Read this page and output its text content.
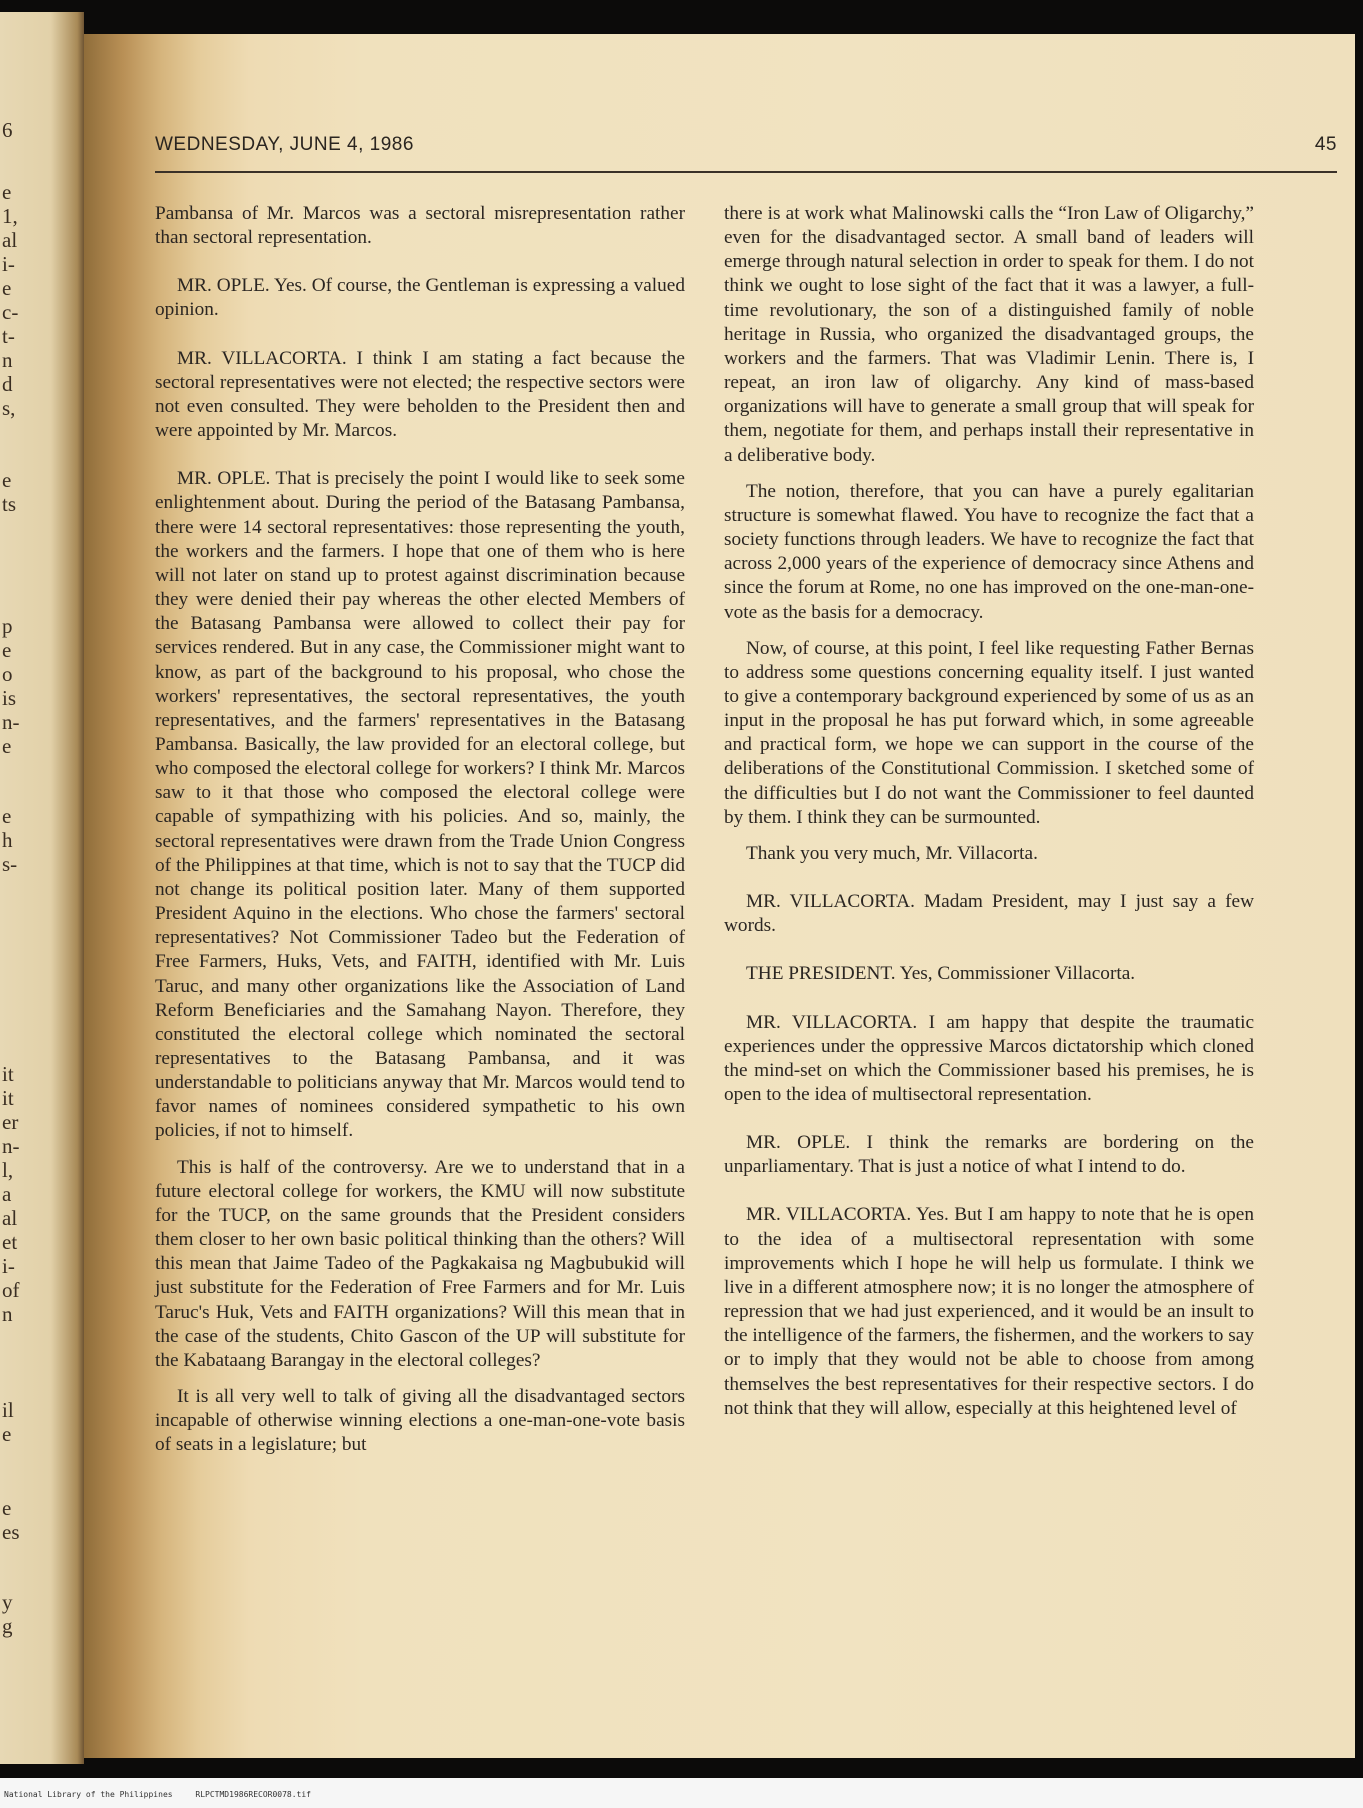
6
e
1,
al
i-
e
c-
t-
n
d
s,
e
ts
p
e
o
is
n-
e
e
h
s-
it
it
er
n-
l,
a
al
et
i-
of
n
il
e
e
es
y
g
WEDNESDAY, JUNE 4, 1986	45

Pambansa of Mr. Marcos was a sectoral misrepresentation rather than sectoral representation.

MR. OPLE. Yes. Of course, the Gentleman is expressing a valued opinion.

MR. VILLACORTA. I think I am stating a fact because the sectoral representatives were not elected; the respective sectors were not even consulted. They were beholden to the President then and were appointed by Mr. Marcos.

MR. OPLE. That is precisely the point I would like to seek some enlightenment about. During the period of the Batasang Pambansa, there were 14 sectoral representatives: those representing the youth, the workers and the farmers. I hope that one of them who is here will not later on stand up to protest against discrimination because they were denied their pay whereas the other elected Members of the Batasang Pambansa were allowed to collect their pay for services rendered. But in any case, the Commissioner might want to know, as part of the background to his proposal, who chose the workers' representatives, the sectoral representatives, the youth representatives, and the farmers' representatives in the Batasang Pambansa. Basically, the law provided for an electoral college, but who composed the electoral college for workers? I think Mr. Marcos saw to it that those who composed the electoral college were capable of sympathizing with his policies. And so, mainly, the sectoral representatives were drawn from the Trade Union Congress of the Philippines at that time, which is not to say that the TUCP did not change its political position later. Many of them supported President Aquino in the elections. Who chose the farmers' sectoral representatives? Not Commissioner Tadeo but the Federation of Free Farmers, Huks, Vets, and FAITH, identified with Mr. Luis Taruc, and many other organizations like the Association of Land Reform Beneficiaries and the Samahang Nayon. Therefore, they constituted the electoral college which nominated the sectoral representatives to the Batasang Pambansa, and it was understandable to politicians anyway that Mr. Marcos would tend to favor names of nominees considered sympathetic to his own policies, if not to himself.

This is half of the controversy. Are we to understand that in a future electoral college for workers, the KMU will now substitute for the TUCP, on the same grounds that the President considers them closer to her own basic political thinking than the others? Will this mean that Jaime Tadeo of the Pagkakaisa ng Magbubukid will just substitute for the Federation of Free Farmers and for Mr. Luis Taruc's Huk, Vets and FAITH organizations? Will this mean that in the case of the students, Chito Gascon of the UP will substitute for the Kabataang Barangay in the electoral colleges?

It is all very well to talk of giving all the disadvantaged sectors incapable of otherwise winning elections a one-man-one-vote basis of seats in a legislature; but

there is at work what Malinowski calls the “Iron Law of Oligarchy,” even for the disadvantaged sector. A small band of leaders will emerge through natural selection in order to speak for them. I do not think we ought to lose sight of the fact that it was a lawyer, a full-time revolutionary, the son of a distinguished family of noble heritage in Russia, who organized the disadvantaged groups, the workers and the farmers. That was Vladimir Lenin. There is, I repeat, an iron law of oligarchy. Any kind of mass-based organizations will have to generate a small group that will speak for them, negotiate for them, and perhaps install their representative in a deliberative body.

The notion, therefore, that you can have a purely egalitarian structure is somewhat flawed. You have to recognize the fact that a society functions through leaders. We have to recognize the fact that across 2,000 years of the experience of democracy since Athens and since the forum at Rome, no one has improved on the one-man-one-vote as the basis for a democracy.

Now, of course, at this point, I feel like requesting Father Bernas to address some questions concerning equality itself. I just wanted to give a contemporary background experienced by some of us as an input in the proposal he has put forward which, in some agreeable and practical form, we hope we can support in the course of the deliberations of the Constitutional Commission. I sketched some of the difficulties but I do not want the Commissioner to feel daunted by them. I think they can be surmounted.

Thank you very much, Mr. Villacorta.

MR. VILLACORTA. Madam President, may I just say a few words.

THE PRESIDENT. Yes, Commissioner Villacorta.

MR. VILLACORTA. I am happy that despite the traumatic experiences under the oppressive Marcos dictatorship which cloned the mind-set on which the Commissioner based his premises, he is open to the idea of multisectoral representation.

MR. OPLE. I think the remarks are bordering on the unparliamentary. That is just a notice of what I intend to do.

MR. VILLACORTA. Yes. But I am happy to note that he is open to the idea of a multisectoral representation with some improvements which I hope he will help us formulate. I think we live in a different atmosphere now; it is no longer the atmosphere of repression that we had just experienced, and it would be an insult to the intelligence of the farmers, the fishermen, and the workers to say or to imply that they would not be able to choose from among themselves the best representatives for their respective sectors. I do not think that they will allow, especially at this heightened level of

National Library of the Philippines	RLPCTMD1986RECOR0078.tif
